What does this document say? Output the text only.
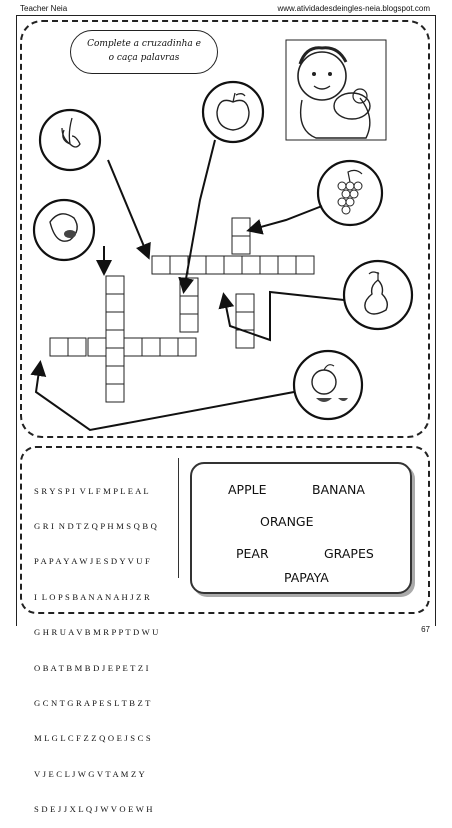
Teacher Neia	www.atividadesdeingles-neia.blogspot.com
Complete a cruzadinha e
o caça palavras

S R Y S P I  V L F M P L E A L

G R I  N D T Z Q P H M S Q B Q

P A P A Y A W J E S D Y V U F

I  L O P S B A N A N A H J Z R

G H R U A V B M R P P T D W U

O B A T B M B D J E P E T Z I

G C N T G R A P E S L T B Z T

M L G L C F Z Z Q O E J S C S

V J E C L J W G V T A M Z Y

S D E J J X L Q J W V O E W H

APPLE	BANANA
ORANGE
PEAR	GRAPES
PAPAYA
67
